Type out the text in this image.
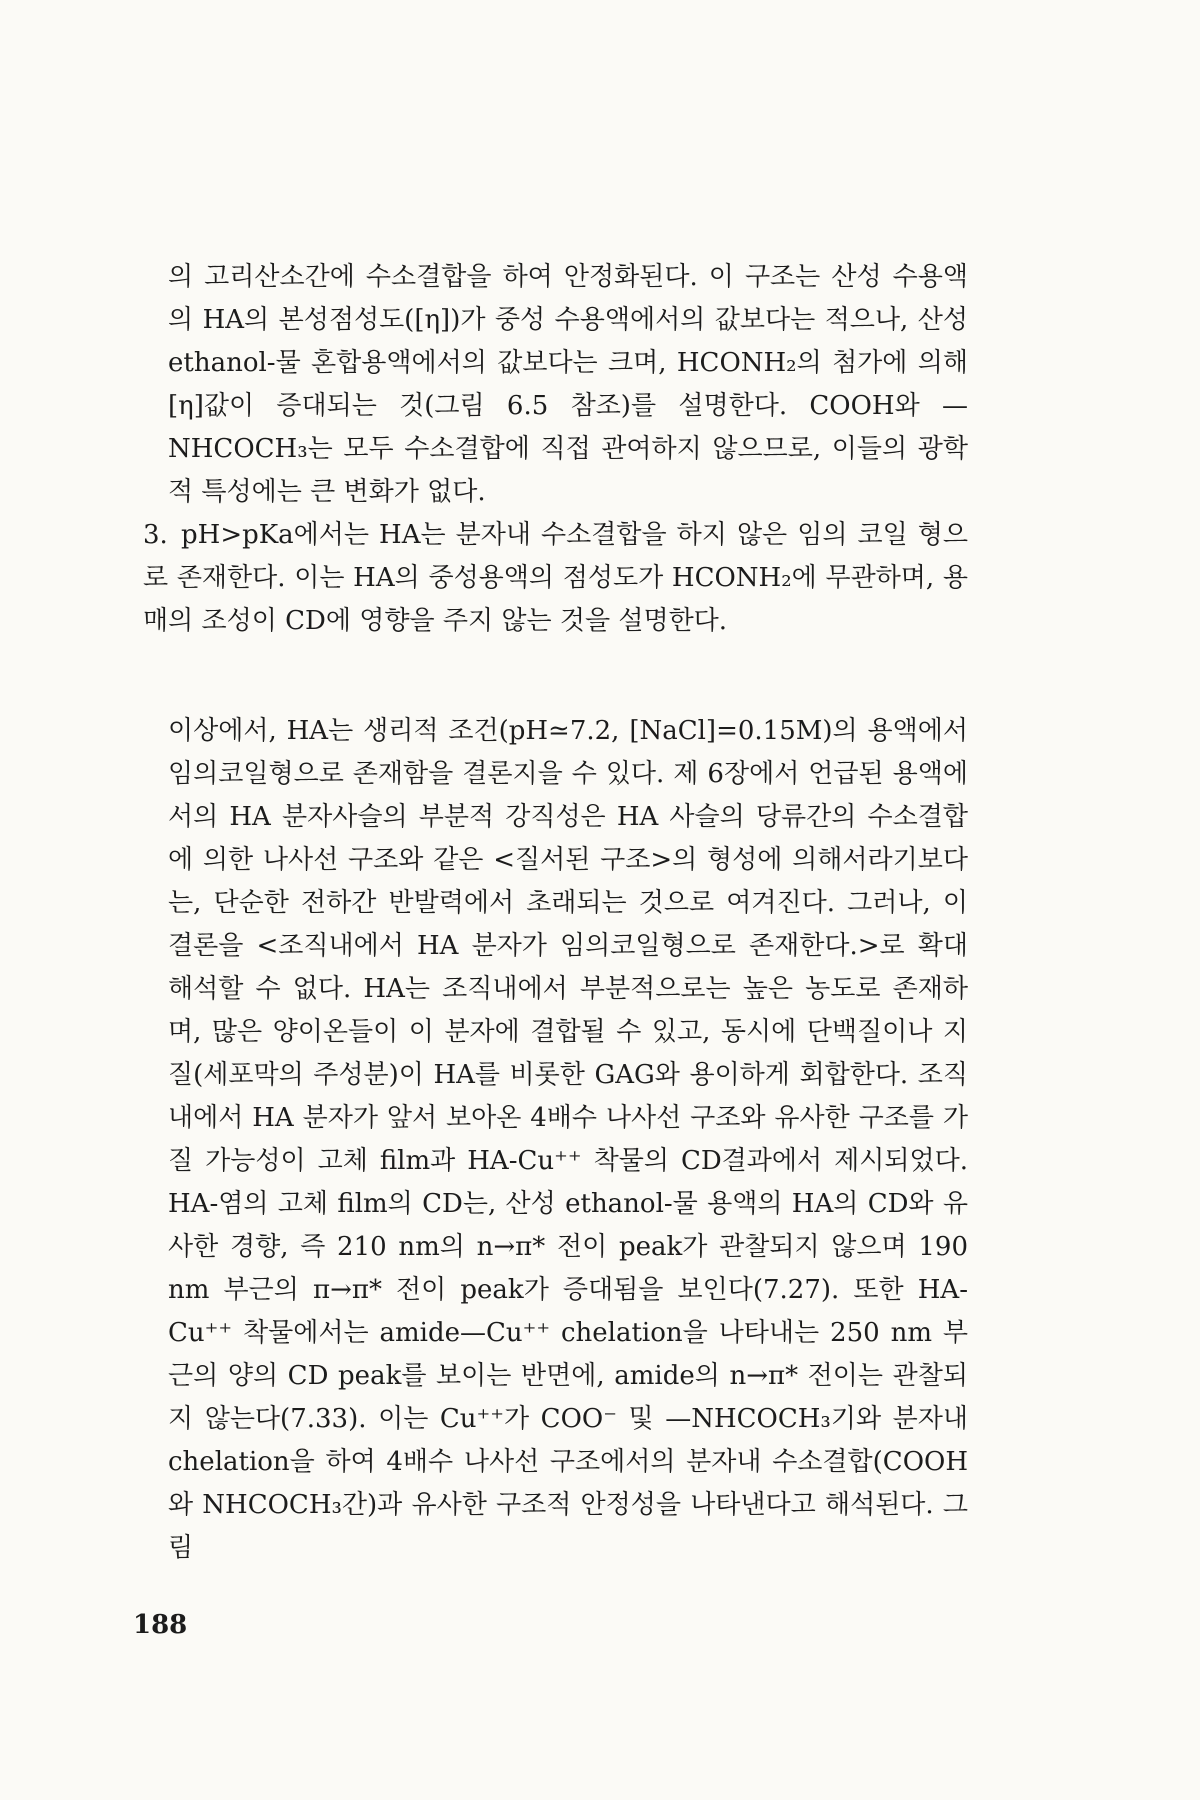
의 고리산소간에 수소결합을 하여 안정화된다. 이 구조는 산성 수용액의 HA의 본성점성도([η])가 중성 수용액에서의 값보다는 적으나, 산성 ethanol-물 혼합용액에서의 값보다는 크며, HCONH₂의 첨가에 의해 [η]값이 증대되는 것(그림 6.5 참조)를 설명한다. COOH와 —NHCOCH₃는 모두 수소결합에 직접 관여하지 않으므로, 이들의 광학적 특성에는 큰 변화가 없다.
3. pH>pKa에서는 HA는 분자내 수소결합을 하지 않은 임의 코일 형으로 존재한다. 이는 HA의 중성용액의 점성도가 HCONH₂에 무관하며, 용매의 조성이 CD에 영향을 주지 않는 것을 설명한다.
이상에서, HA는 생리적 조건(pH≃7.2, [NaCl]=0.15M)의 용액에서 임의코일형으로 존재함을 결론지을 수 있다. 제 6장에서 언급된 용액에서의 HA 분자사슬의 부분적 강직성은 HA 사슬의 당류간의 수소결합에 의한 나사선 구조와 같은 <질서된 구조>의 형성에 의해서라기보다는, 단순한 전하간 반발력에서 초래되는 것으로 여겨진다. 그러나, 이 결론을 <조직내에서 HA 분자가 임의코일형으로 존재한다.>로 확대 해석할 수 없다. HA는 조직내에서 부분적으로는 높은 농도로 존재하며, 많은 양이온들이 이 분자에 결합될 수 있고, 동시에 단백질이나 지질(세포막의 주성분)이 HA를 비롯한 GAG와 용이하게 회합한다. 조직내에서 HA 분자가 앞서 보아온 4배수 나사선 구조와 유사한 구조를 가질 가능성이 고체 film과 HA-Cu⁺⁺ 착물의 CD결과에서 제시되었다. HA-염의 고체 film의 CD는, 산성 ethanol-물 용액의 HA의 CD와 유사한 경향, 즉 210 nm의 n→π* 전이 peak가 관찰되지 않으며 190 nm 부근의 π→π* 전이 peak가 증대됨을 보인다(7.27). 또한 HA-Cu⁺⁺ 착물에서는 amide—Cu⁺⁺ chelation을 나타내는 250 nm 부근의 양의 CD peak를 보이는 반면에, amide의 n→π* 전이는 관찰되지 않는다(7.33). 이는 Cu⁺⁺가 COO⁻ 및 —NHCOCH₃기와 분자내 chelation을 하여 4배수 나사선 구조에서의 분자내 수소결합(COOH와 NHCOCH₃간)과 유사한 구조적 안정성을 나타낸다고 해석된다. 그림
188
